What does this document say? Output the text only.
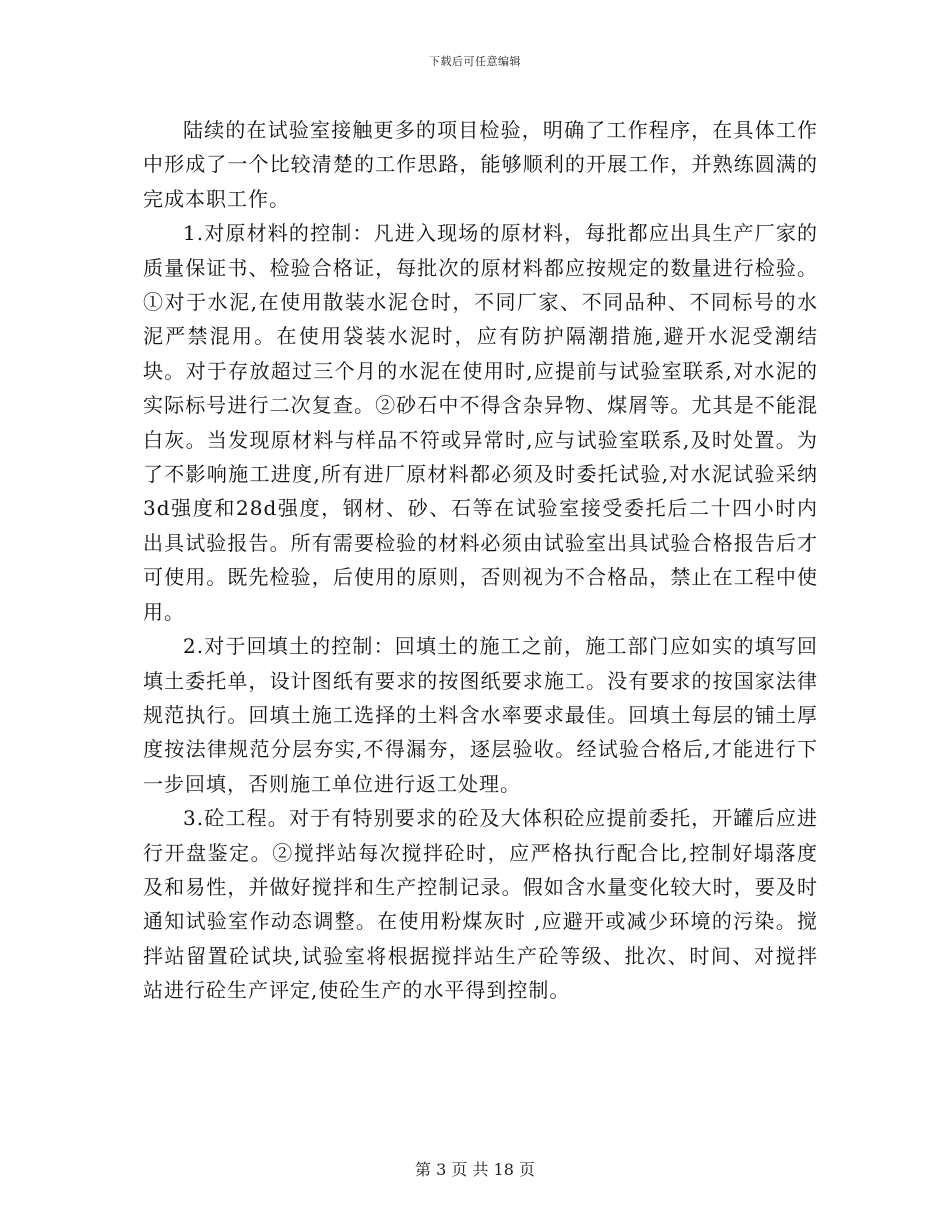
下载后可任意编辑

陆续的在试验室接触更多的项目检验，明确了工作程序，在具体工作中形成了一个比较清楚的工作思路，能够顺利的开展工作，并熟练圆满的完成本职工作。

1.对原材料的控制：凡进入现场的原材料，每批都应出具生产厂家的质量保证书、检验合格证，每批次的原材料都应按规定的数量进行检验。①对于水泥,在使用散装水泥仓时，不同厂家、不同品种、不同标号的水泥严禁混用。在使用袋装水泥时，应有防护隔潮措施,避开水泥受潮结块。对于存放超过三个月的水泥在使用时,应提前与试验室联系,对水泥的实际标号进行二次复查。②砂石中不得含杂异物、煤屑等。尤其是不能混白灰。当发现原材料与样品不符或异常时,应与试验室联系,及时处置。为了不影响施工进度,所有进厂原材料都必须及时委托试验,对水泥试验采纳3d强度和28d强度，钢材、砂、石等在试验室接受委托后二十四小时内出具试验报告。所有需要检验的材料必须由试验室出具试验合格报告后才可使用。既先检验，后使用的原则，否则视为不合格品，禁止在工程中使用。

2.对于回填土的控制：回填土的施工之前，施工部门应如实的填写回填土委托单，设计图纸有要求的按图纸要求施工。没有要求的按国家法律规范执行。回填土施工选择的土料含水率要求最佳。回填土每层的铺土厚度按法律规范分层夯实,不得漏夯，逐层验收。经试验合格后,才能进行下一步回填，否则施工单位进行返工处理。

3.砼工程。对于有特别要求的砼及大体积砼应提前委托，开罐后应进行开盘鉴定。②搅拌站每次搅拌砼时，应严格执行配合比,控制好塌落度及和易性，并做好搅拌和生产控制记录。假如含水量变化较大时，要及时通知试验室作动态调整。在使用粉煤灰时 ,应避开或减少环境的污染。搅拌站留置砼试块,试验室将根据搅拌站生产砼等级、批次、时间、对搅拌站进行砼生产评定,使砼生产的水平得到控制。

第 3 页 共 18 页
